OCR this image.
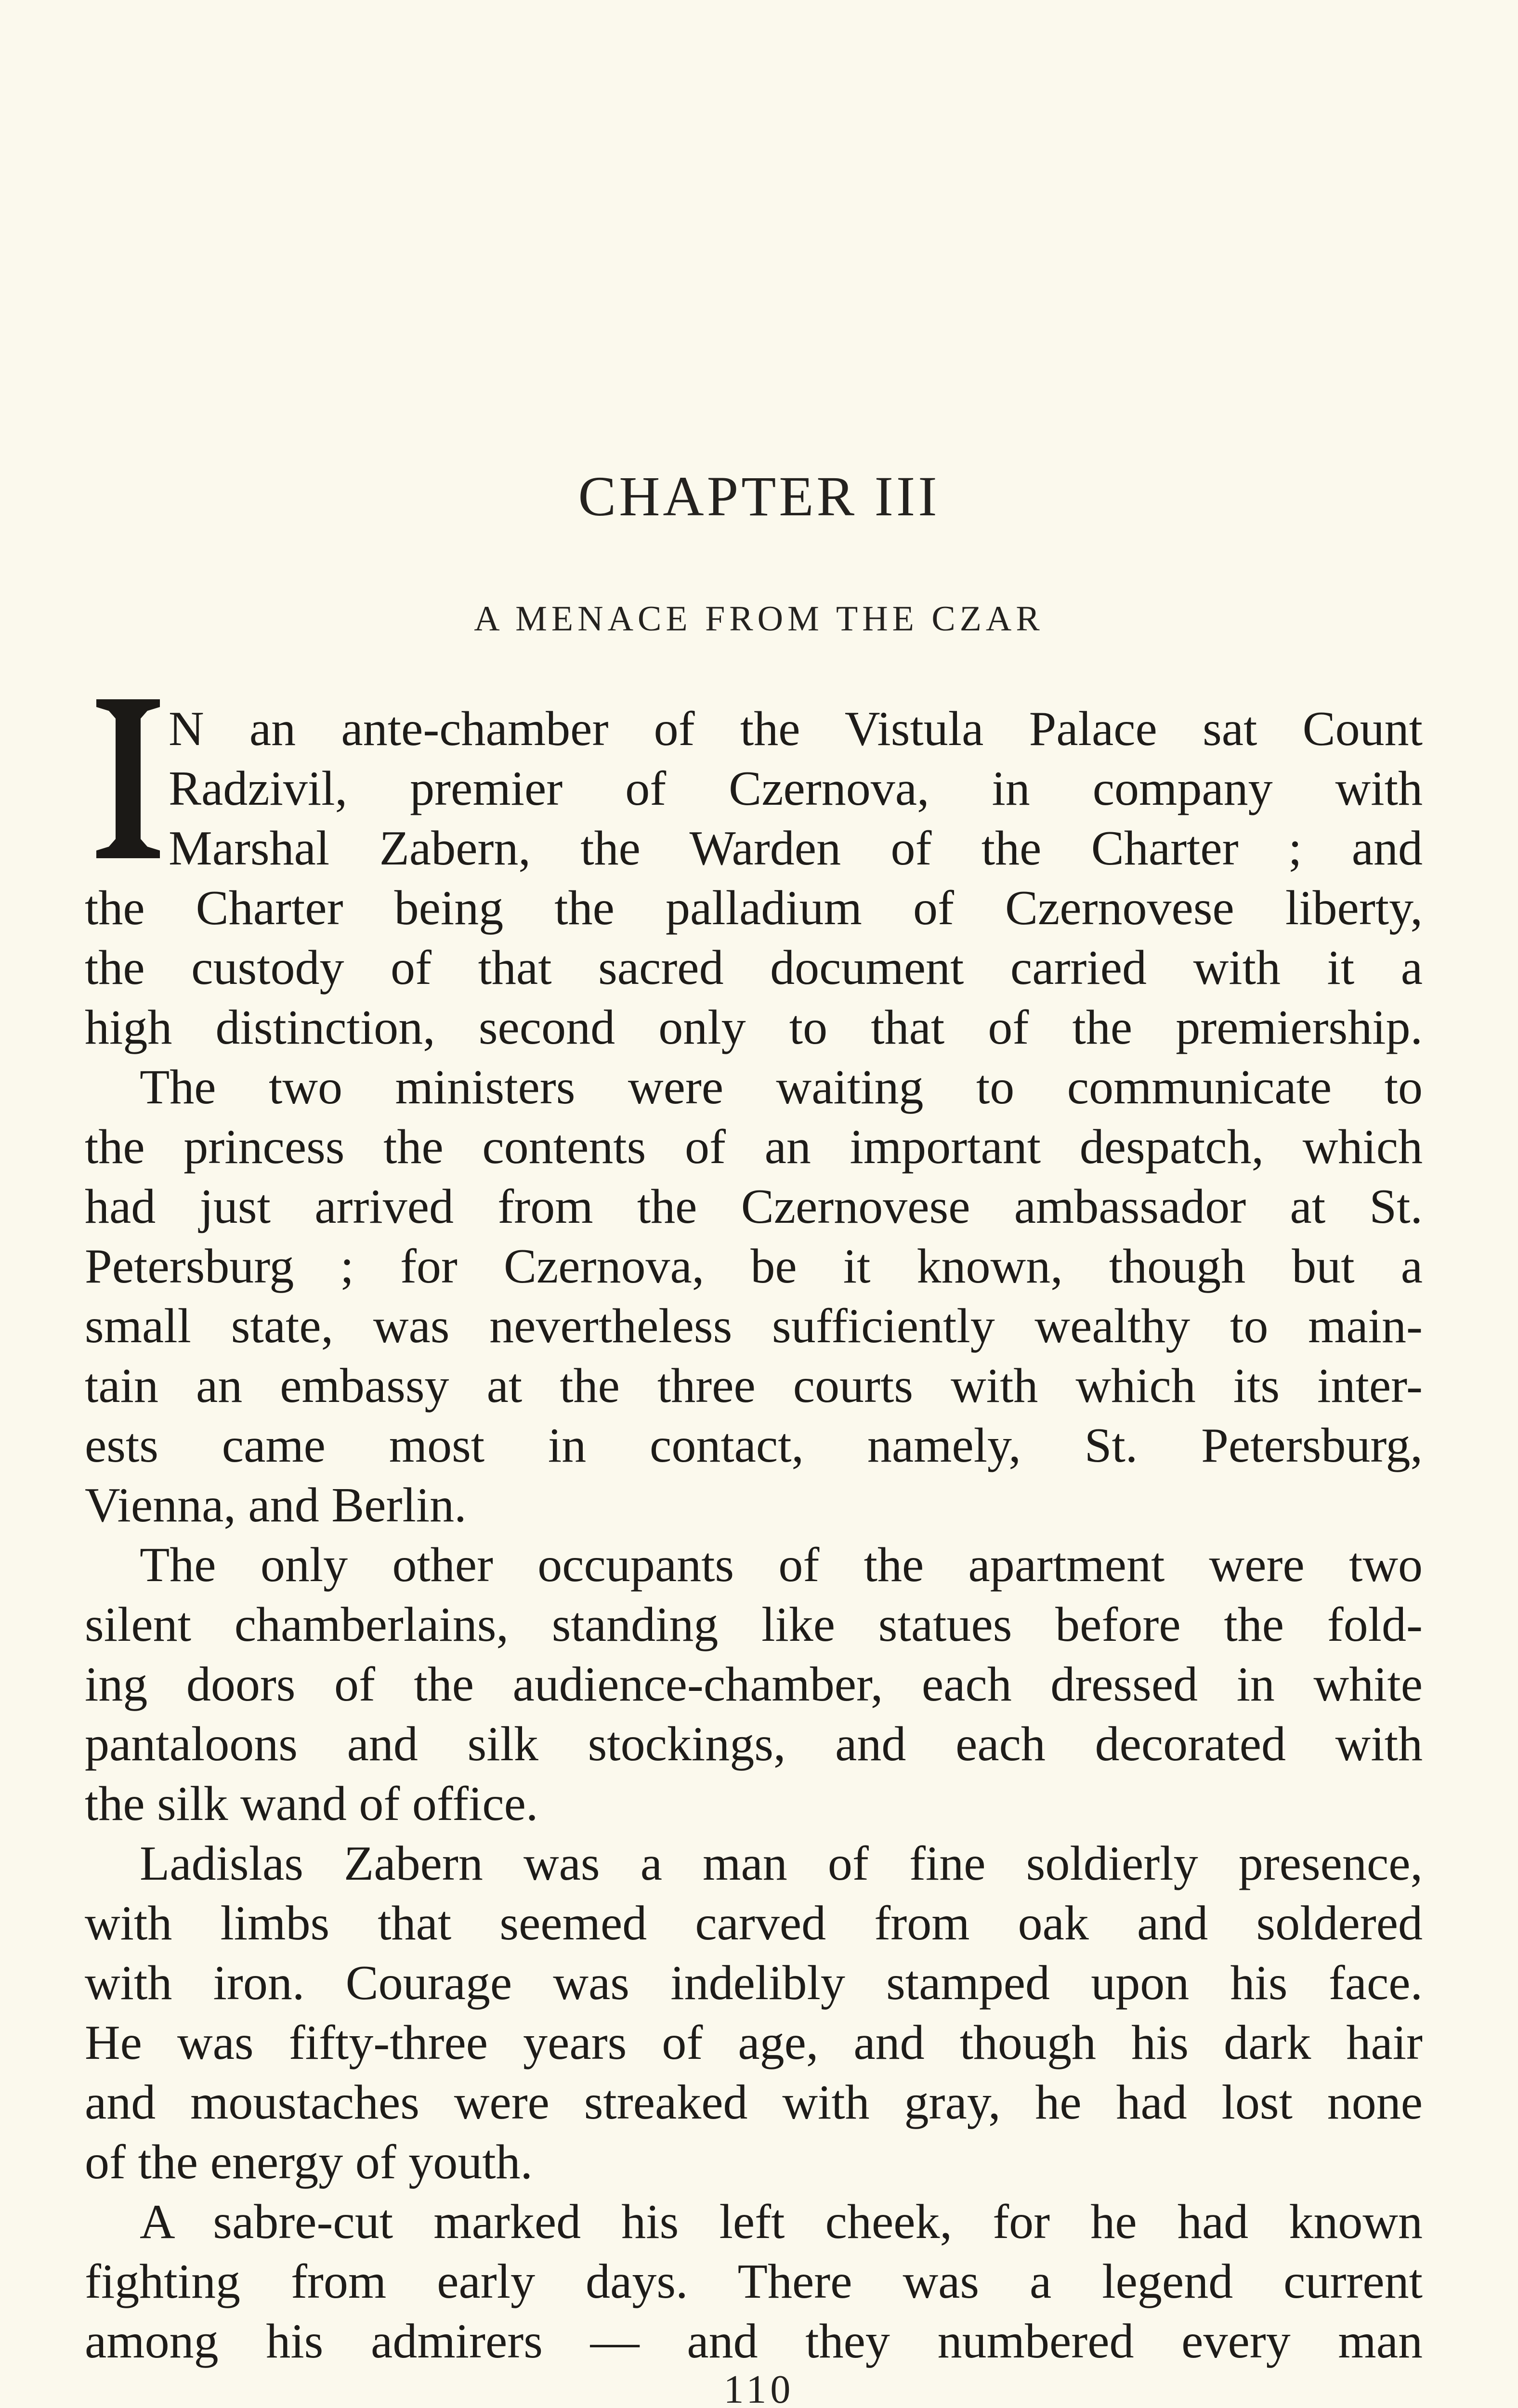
CHAPTER III
A MENACE FROM THE CZAR
N an ante-chamber of the Vistula Palace sat Count
Radzivil, premier of Czernova, in company with
Marshal Zabern, the Warden of the Charter ; and
the Charter being the palladium of Czernovese liberty,
the custody of that sacred document carried with it a
high distinction, second only to that of the premiership.
The two ministers were waiting to communicate to
the princess the contents of an important despatch, which
had just arrived from the Czernovese ambassador at St.
Petersburg ; for Czernova, be it known, though but a
small state, was nevertheless sufficiently wealthy to main-
tain an embassy at the three courts with which its inter-
ests came most in contact, namely, St. Petersburg,
Vienna, and Berlin.
The only other occupants of the apartment were two
silent chamberlains, standing like statues before the fold-
ing doors of the audience-chamber, each dressed in white
pantaloons and silk stockings, and each decorated with
the silk wand of office.
Ladislas Zabern was a man of fine soldierly presence,
with limbs that seemed carved from oak and soldered
with iron. Courage was indelibly stamped upon his face.
He was fifty-three years of age, and though his dark hair
and moustaches were streaked with gray, he had lost none
of the energy of youth.
A sabre-cut marked his left cheek, for he had known
fighting from early days. There was a legend current
among his admirers — and they numbered every man
110
